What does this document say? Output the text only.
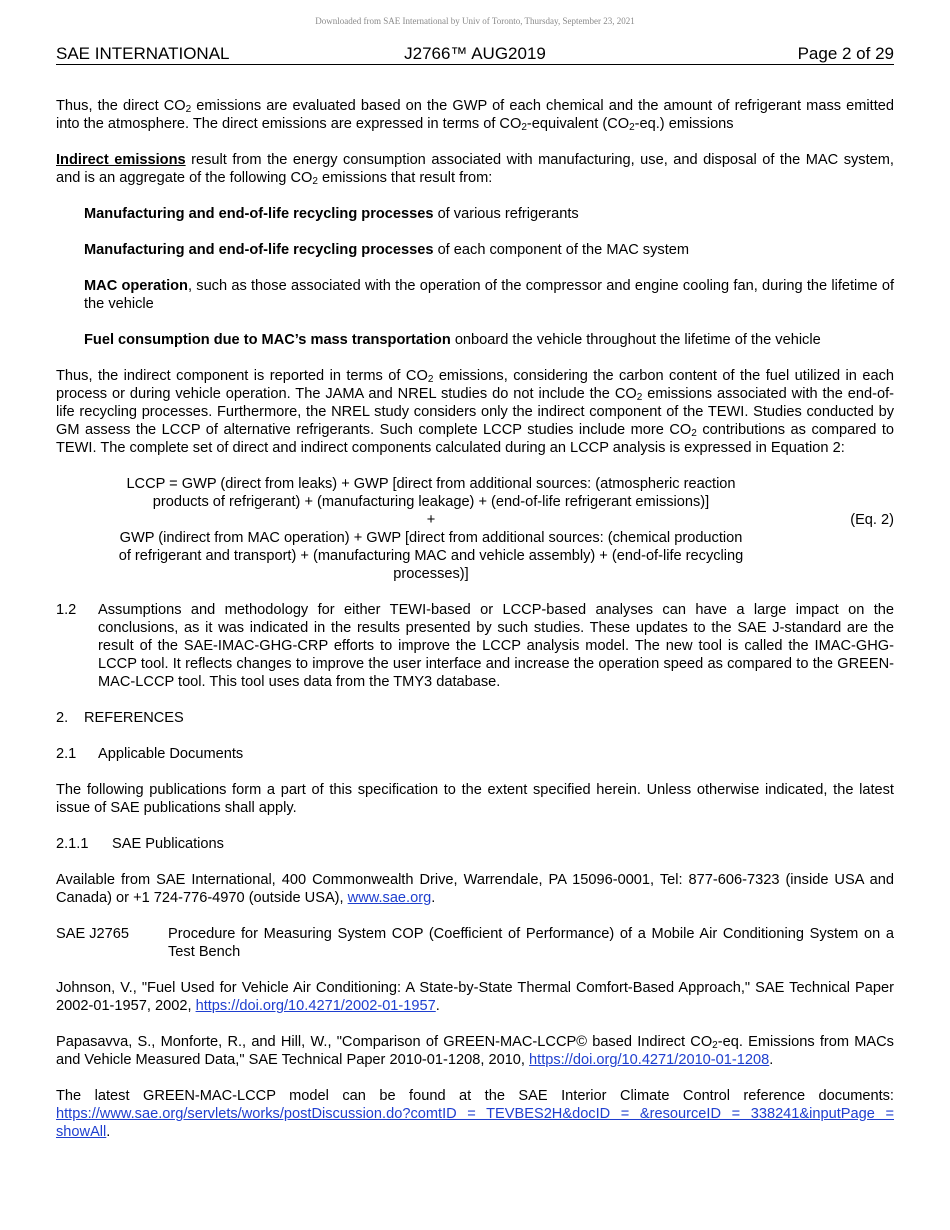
Downloaded from SAE International by Univ of Toronto, Thursday, September 23, 2021
J2766™ AUG2019
SAE INTERNATIONAL	Page 2 of 29

Thus, the direct $CO_2$ emissions are evaluated based on the GWP of each chemical and the amount of refrigerant mass emitted into the atmosphere. The direct emissions are expressed in terms of $CO_2$-equivalent $(CO_2-eq.)$ emissions

Indirect emissions result from the energy consumption associated with manufacturing, use, and disposal of the MAC system, and is an aggregate of the following $CO_2$ emissions that result from:

Manufacturing and end-of-life recycling processes of various refrigerants

Manufacturing and end-of-life recycling processes of each component of the MAC system

MAC operation, such as those associated with the operation of the compressor and engine cooling fan, during the lifetime of the vehicle

Fuel consumption due to MAC’s mass transportation onboard the vehicle throughout the lifetime of the vehicle

Thus, the indirect component is reported in terms of $CO_2$ emissions, considering the carbon content of the fuel utilized in each process or during vehicle operation. The JAMA and NREL studies do not include the $CO_2$ emissions associated with the end-of-life recycling processes. Furthermore, the NREL study considers only the indirect component of the TEWI. Studies conducted by GM assess the LCCP of alternative refrigerants. Such complete LCCP studies include more $CO_2$ contributions as compared to TEWI. The complete set of direct and indirect components calculated during an LCCP analysis is expressed in Equation 2:

LCCP = GWP (direct from leaks) + GWP [direct from additional sources: (atmospheric reaction
products of refrigerant) + (manufacturing leakage) + (end-of-life refrigerant emissions)]
+
GWP (indirect from MAC operation) + GWP [direct from additional sources: (chemical production
of refrigerant and transport) + (manufacturing MAC and vehicle assembly) + (end-of-life recycling
processes)]
(Eq. 2)
1.2	Assumptions and methodology for either TEWI-based or LCCP-based analyses can have a large impact on the conclusions, as it was indicated in the results presented by such studies. These updates to the SAE J-standard are the result of the SAE-IMAC-GHG-CRP efforts to improve the LCCP analysis model. The new tool is called the IMAC-GHG-LCCP tool. It reflects changes to improve the user interface and increase the operation speed as compared to the GREEN-MAC-LCCP tool. This tool uses data from the TMY3 database.
2. REFERENCES
2.1 Applicable Documents

The following publications form a part of this specification to the extent specified herein. Unless otherwise indicated, the latest issue of SAE publications shall apply.

2.1.1 SAE Publications

Available from SAE International, 400 Commonwealth Drive, Warrendale, PA 15096-0001, Tel: 877-606-7323 (inside USA and Canada) or +1 724-776-4970 (outside USA), www.sae.org.

SAE J2765	Procedure for Measuring System COP (Coefficient of Performance) of a Mobile Air Conditioning System on a Test Bench

Johnson, V., "Fuel Used for Vehicle Air Conditioning: A State-by-State Thermal Comfort-Based Approach," SAE Technical Paper 2002-01-1957, 2002, https://doi.org/10.4271/2002-01-1957.

Papasavva, S., Monforte, R., and Hill, W., "Comparison of GREEN-MAC-LCCP© based Indirect $CO_2-eq$. Emissions from MACs and Vehicle Measured Data," SAE Technical Paper 2010-01-1208, 2010, https://doi.org/10.4271/2010-01-1208.

The latest GREEN-MAC-LCCP model can be found at the SAE Interior Climate Control reference documents: https://www.sae.org/servlets/works/postDiscussion.do?comtID = TEVBES2H&docID = &resourceID = 338241&inputPage = showAll.
